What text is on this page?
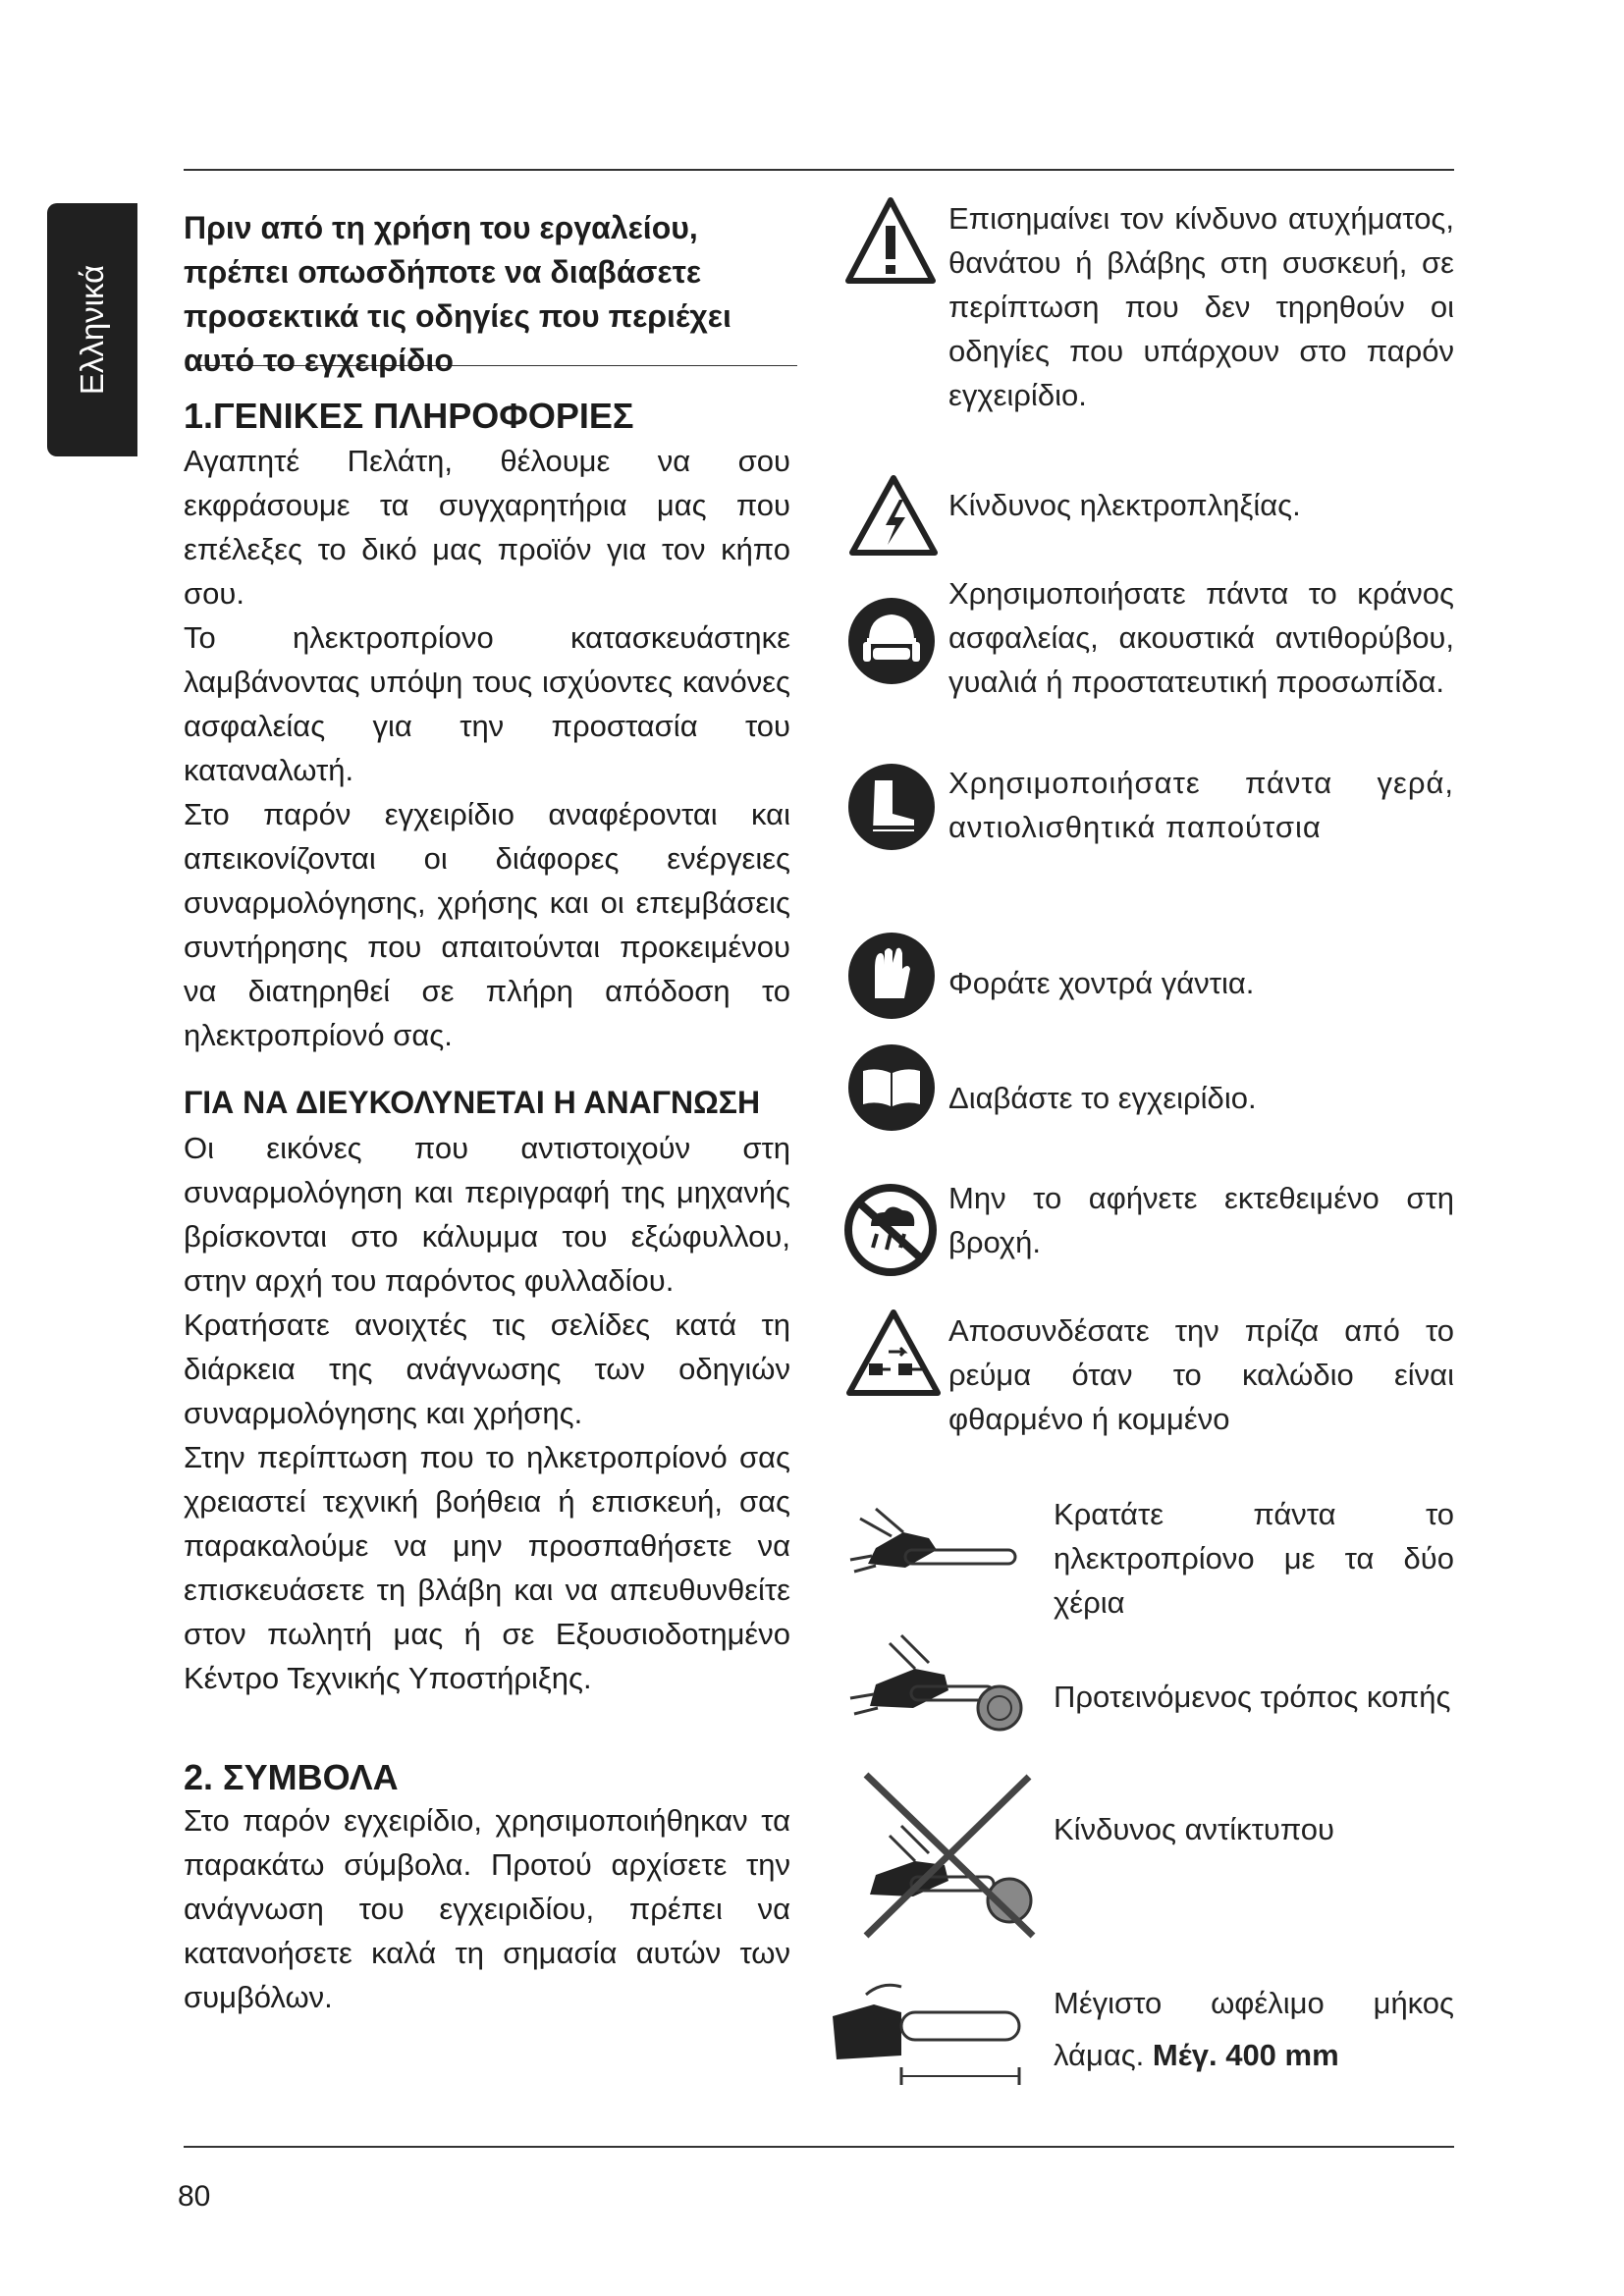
Ελληνικά
Πριν από τη χρήση του εργαλείου, πρέπει οπωσδήποτε να διαβάσετε προσεκτικά τις οδηγίες που περιέχει αυτό το εγχειρίδιο
1.ΓΕΝΙΚΕΣ ΠΛΗΡΟΦΟΡΙΕΣ

Αγαπητέ Πελάτη, θέλουμε να σου εκφράσουμε τα συγχαρητήρια μας που επέλεξες το δικό μας προϊόν για τον κήπο σου.

Το ηλεκτροπρίονο κατασκευάστηκε λαμβάνοντας υπόψη τους ισχύοντες κανόνες ασφαλείας για την προστασία του καταναλωτή.

Στο παρόν εγχειρίδιο αναφέρονται και απεικονίζονται οι διάφορες ενέργειες συναρμολόγησης, χρήσης και οι επεμβάσεις συντήρησης που απαιτούνται προκειμένου να διατηρηθεί σε πλήρη απόδοση το ηλεκτροπρίονό σας.

ΓΙΑ ΝΑ ΔΙΕΥΚΟΛΥΝΕΤΑΙ Η ΑΝΑΓΝΩΣΗ

Οι εικόνες που αντιστοιχούν στη συναρμολόγηση και περιγραφή της μηχανής βρίσκονται στο κάλυμμα του εξώφυλλου, στην αρχή του παρόντος φυλλαδίου.

Κρατήσατε ανοιχτές τις σελίδες κατά τη διάρκεια της ανάγνωσης των οδηγιών συναρμολόγησης και χρήσης.

Στην περίπτωση που το ηλκετροπρίονό σας χρειαστεί τεχνική βοήθεια ή επισκευή, σας παρακαλούμε να μην προσπαθήσετε να επισκευάσετε τη βλάβη και να απευθυνθείτε στον πωλητή μας ή σε Εξουσιοδοτημένο Κέντρο Τεχνικής Υποστήριξης.

2. ΣΥΜΒΟΛΑ
Στο παρόν εγχειρίδιο, χρησιμοποιήθηκαν τα παρακάτω σύμβολα. Προτού αρχίσετε την ανάγνωση του εγχειριδίου, πρέπει να κατανοήσετε καλά τη σημασία αυτών των συμβόλων.
Επισημαίνει τον κίνδυνο ατυχήματος, θανάτου ή βλάβης στη συσκευή, σε περίπτωση που δεν τηρηθούν οι οδηγίες που υπάρχουν στο παρόν εγχειρίδιο.
Κίνδυνος ηλεκτροπληξίας.
Χρησιμοποιήσατε πάντα το κράνος ασφαλείας, ακουστικά αντιθορύβου, γυαλιά ή προστατευτική προσωπίδα.
Χρησιμοποιήσατε πάντα γερά, αντιολισθητικά παπούτσια
Φοράτε χοντρά γάντια.
Διαβάστε το εγχειρίδιο.
Μην το αφήνετε εκτεθειμένο στη βροχή.
Αποσυνδέσατε την πρίζα από το ρεύμα όταν το καλώδιο είναι φθαρμένο ή κομμένο
Κρατάτε πάντα το ηλεκτροπρίονο με τα δύο χέρια
Προτεινόμενος τρόπος κοπής
Κίνδυνος αντίκτυπου
Μέγιστο ωφέλιμο μήκος λάμας. Μέγ. 400 mm
80
